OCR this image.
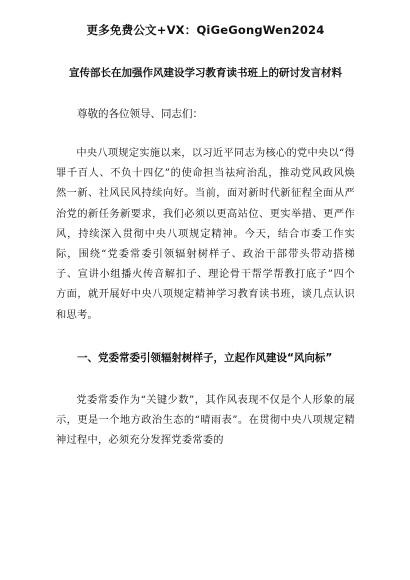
更多免费公文+VX：QiGeGongWen2024
宣传部长在加强作风建设学习教育读书班上的研讨发言材料
尊敬的各位领导、同志们：

中央八项规定实施以来，以习近平同志为核心的党中央以“得罪千百人、不负十四亿”的使命担当祛疴治乱，推动党风政风焕然一新、社风民风持续向好。当前，面对新时代新征程全面从严治党的新任务新要求，我们必须以更高站位、更实举措、更严作风，持续深入贯彻中央八项规定精神。今天，结合市委工作实际，围绕“党委常委引领辐射树样子、政治干部带头带动搭梯子、宣讲小组播火传音解扣子、理论骨干帮学帮教打底子”四个方面，就开展好中央八项规定精神学习教育读书班，谈几点认识和思考。

一、党委常委引领辐射树样子，立起作风建设“风向标”

党委常委作为“关键少数”，其作风表现不仅是个人形象的展示，更是一个地方政治生态的“晴雨表”。在贯彻中央八项规定精神过程中，必须充分发挥党委常委的
